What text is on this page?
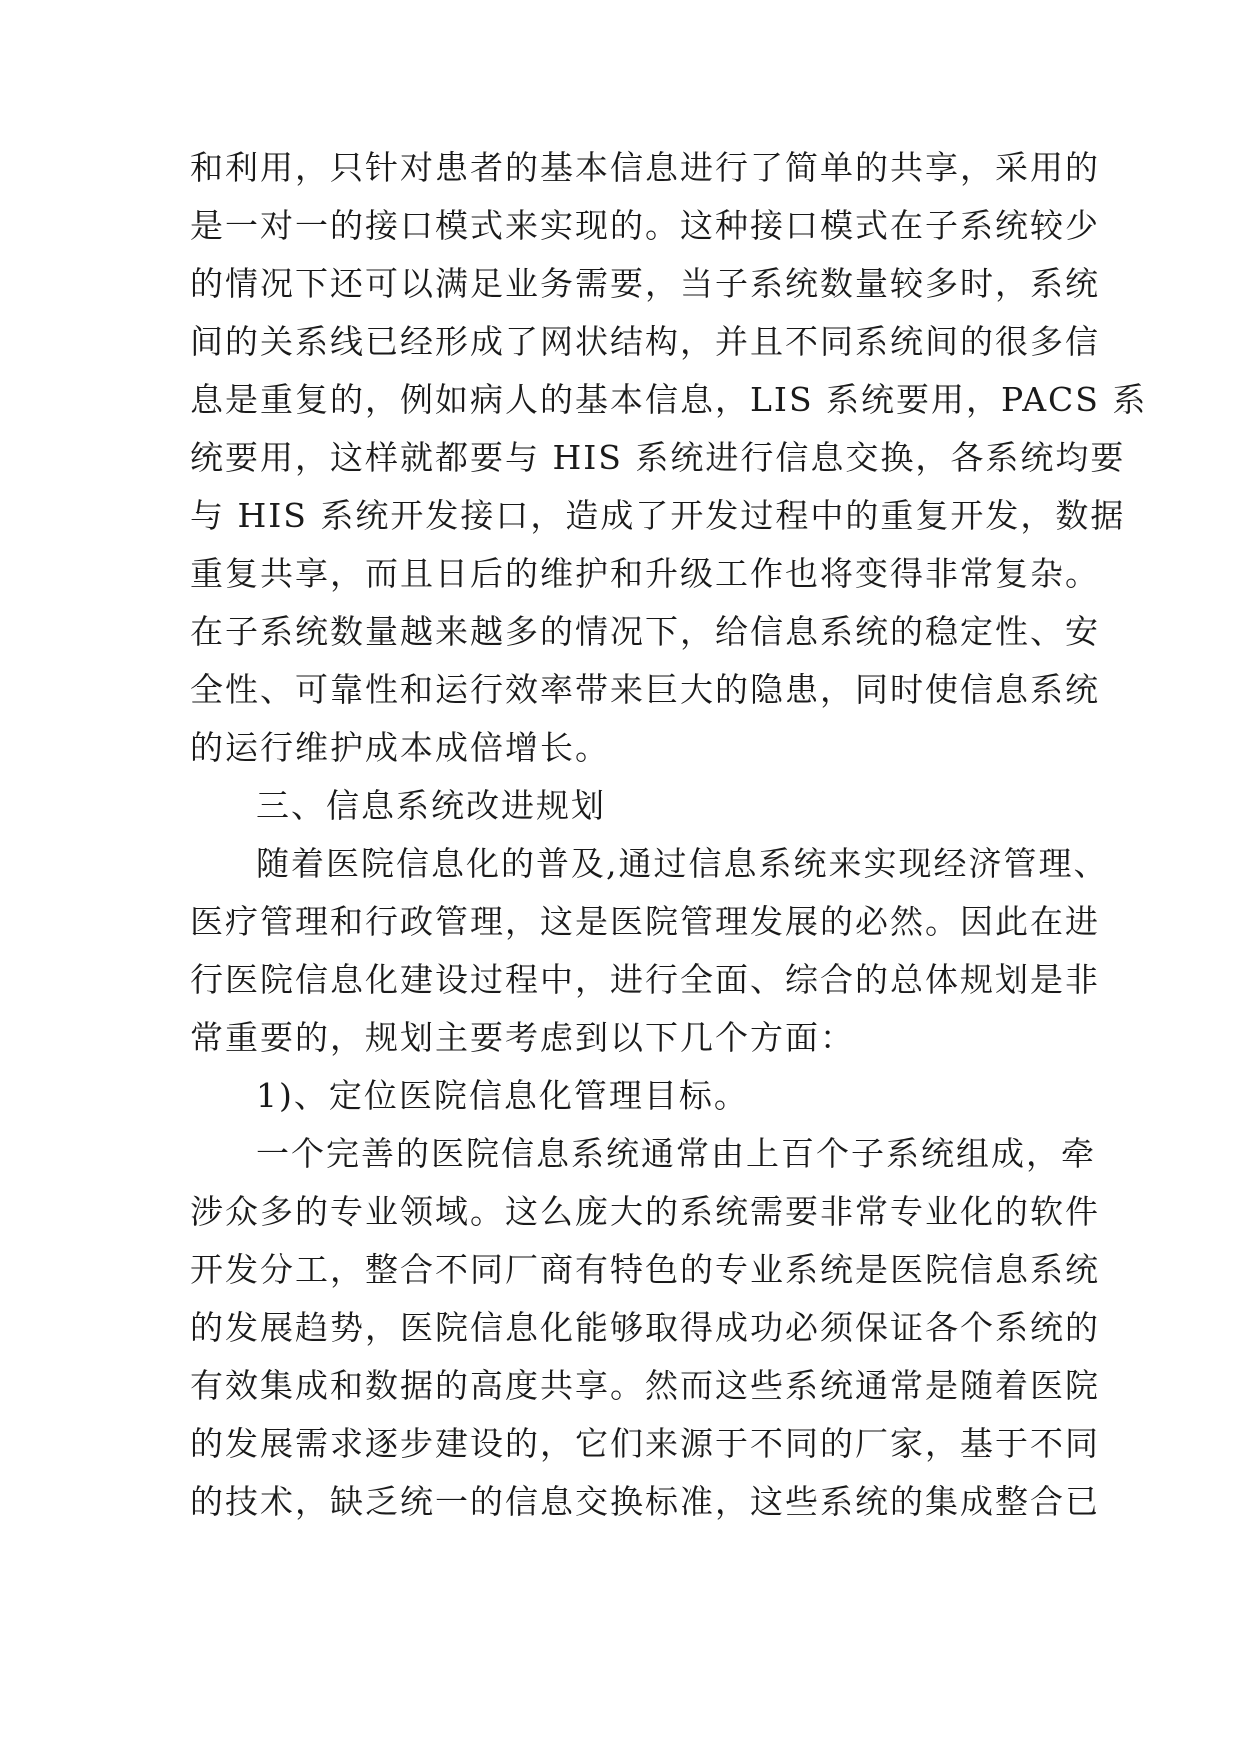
和利用，只针对患者的基本信息进行了简单的共享，采用的
是一对一的接口模式来实现的。这种接口模式在子系统较少
的情况下还可以满足业务需要，当子系统数量较多时，系统
间的关系线已经形成了网状结构，并且不同系统间的很多信
息是重复的，例如病人的基本信息，LIS 系统要用，PACS 系
统要用，这样就都要与 HIS 系统进行信息交换，各系统均要
与 HIS 系统开发接口，造成了开发过程中的重复开发，数据
重复共享，而且日后的维护和升级工作也将变得非常复杂。
在子系统数量越来越多的情况下，给信息系统的稳定性、安
全性、可靠性和运行效率带来巨大的隐患，同时使信息系统
的运行维护成本成倍增长。
三、信息系统改进规划
随着医院信息化的普及,通过信息系统来实现经济管理、
医疗管理和行政管理，这是医院管理发展的必然。因此在进
行医院信息化建设过程中，进行全面、综合的总体规划是非
常重要的，规划主要考虑到以下几个方面：
1)、定位医院信息化管理目标。
一个完善的医院信息系统通常由上百个子系统组成，牵
涉众多的专业领域。这么庞大的系统需要非常专业化的软件
开发分工，整合不同厂商有特色的专业系统是医院信息系统
的发展趋势，医院信息化能够取得成功必须保证各个系统的
有效集成和数据的高度共享。然而这些系统通常是随着医院
的发展需求逐步建设的，它们来源于不同的厂家，基于不同
的技术，缺乏统一的信息交换标准，这些系统的集成整合已
